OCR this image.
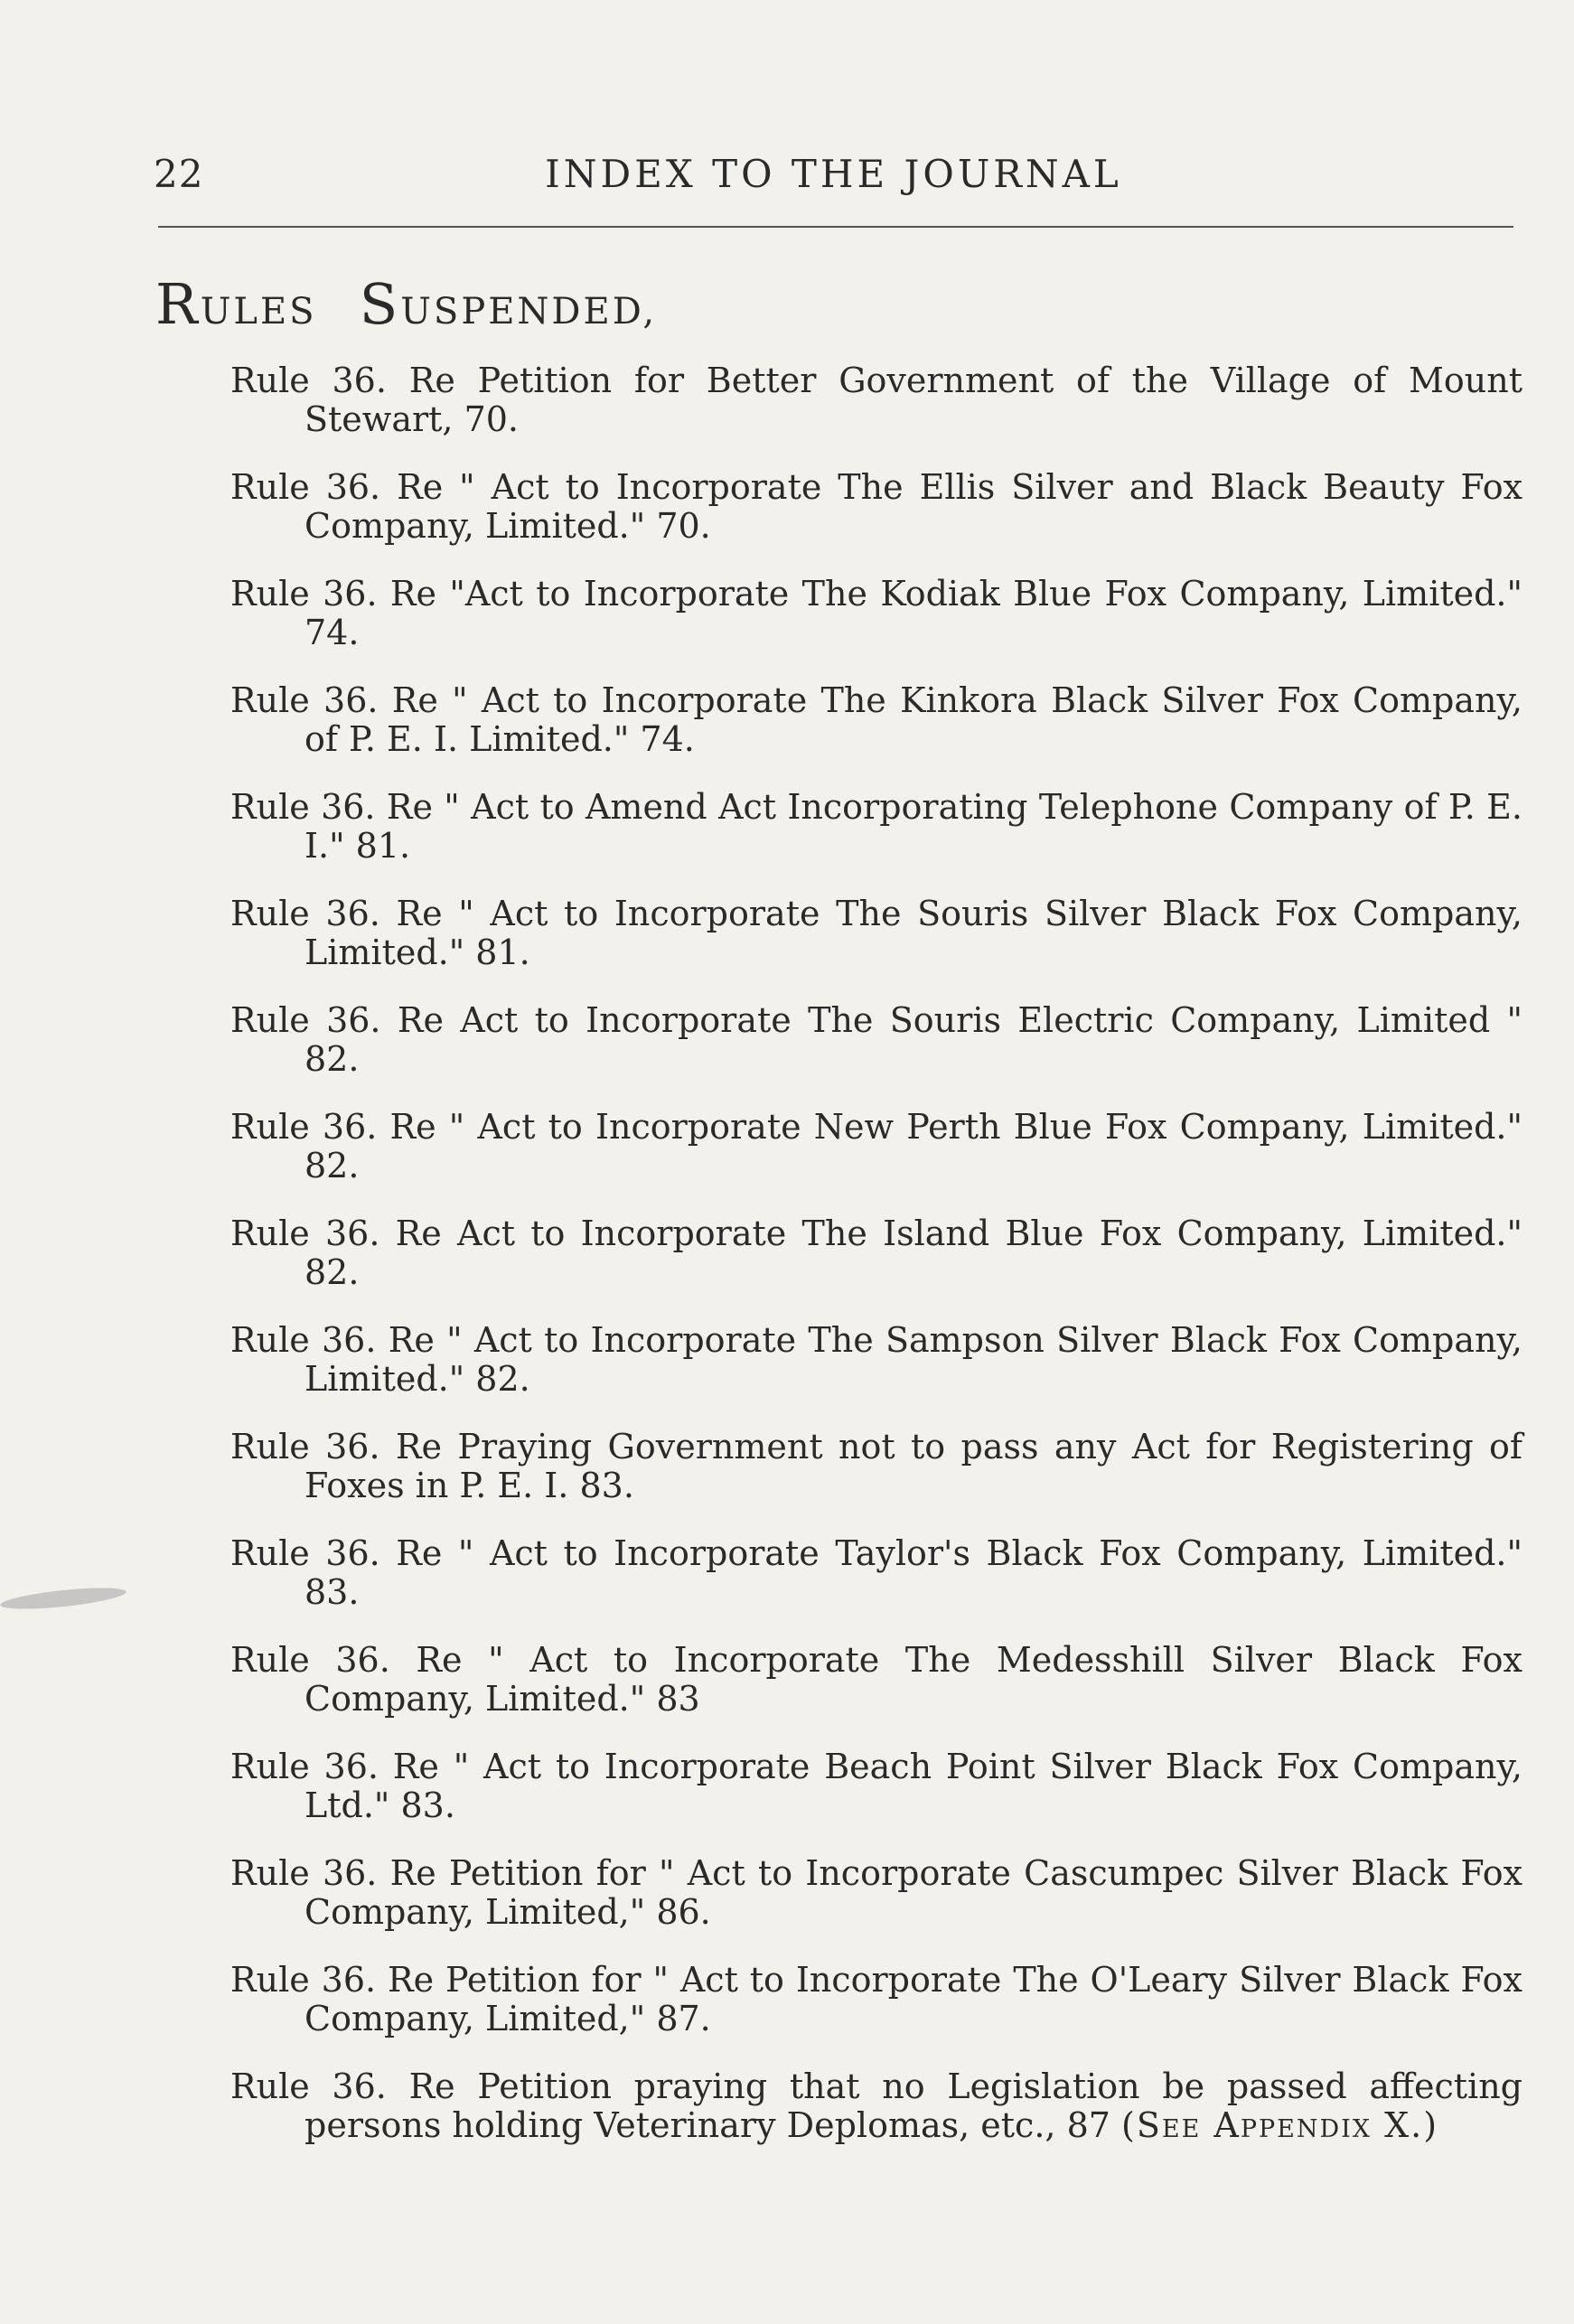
22	INDEX TO THE JOURNAL
RULES SUSPENDED,

Rule 36. Re Petition for Better Government of the Village of Mount Stewart, 70.

Rule 36. Re " Act to Incorporate The Ellis Silver and Black Beauty Fox Company, Limited." 70.

Rule 36. Re "Act to Incorporate The Kodiak Blue Fox Company, Limited." 74.

Rule 36. Re " Act to Incorporate The Kinkora Black Silver Fox Company, of P. E. I. Limited." 74.

Rule 36. Re " Act to Amend Act Incorporating Telephone Company of P. E. I." 81.

Rule 36. Re " Act to Incorporate The Souris Silver Black Fox Company, Limited." 81.

Rule 36. Re Act to Incorporate The Souris Electric Company, Limited " 82.

Rule 36. Re " Act to Incorporate New Perth Blue Fox Company, Limited." 82.

Rule 36. Re Act to Incorporate The Island Blue Fox Company, Limited." 82.

Rule 36. Re " Act to Incorporate The Sampson Silver Black Fox Company, Limited." 82.

Rule 36. Re Praying Government not to pass any Act for Registering of Foxes in P. E. I. 83.

Rule 36. Re " Act to Incorporate Taylor's Black Fox Company, Limited." 83.

Rule 36. Re " Act to Incorporate The Medesshill Silver Black Fox Company, Limited." 83

Rule 36. Re " Act to Incorporate Beach Point Silver Black Fox Company, Ltd." 83.

Rule 36. Re Petition for " Act to Incorporate Cascumpec Silver Black Fox Company, Limited," 86.

Rule 36. Re Petition for " Act to Incorporate The O'Leary Silver Black Fox Company, Limited," 87.

Rule 36. Re Petition praying that no Legislation be passed affecting persons holding Veterinary Deplomas, etc., 87 (See Appendix X.)
